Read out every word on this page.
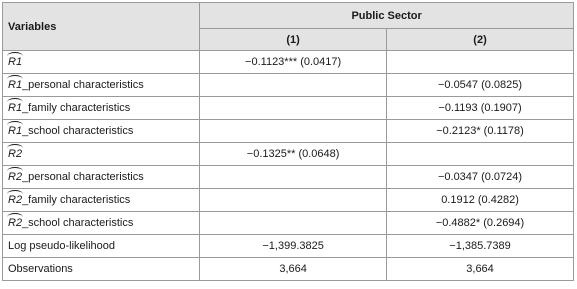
Variables	Public Sector	
	(1)	(2)
R1	−0.1123*** (0.0417)	
R1_personal characteristics		−0.0547 (0.0825)
R1_family characteristics		−0.1193 (0.1907)
R1_school characteristics		−0.2123* (0.1178)
R2	−0.1325** (0.0648)	
R2_personal characteristics		−0.0347 (0.0724)
R2_family characteristics		0.1912 (0.4282)
R2_school characteristics		−0.4882* (0.2694)
Log pseudo-likelihood	−1,399.3825	−1,385.7389
Observations	3,664	3,664
